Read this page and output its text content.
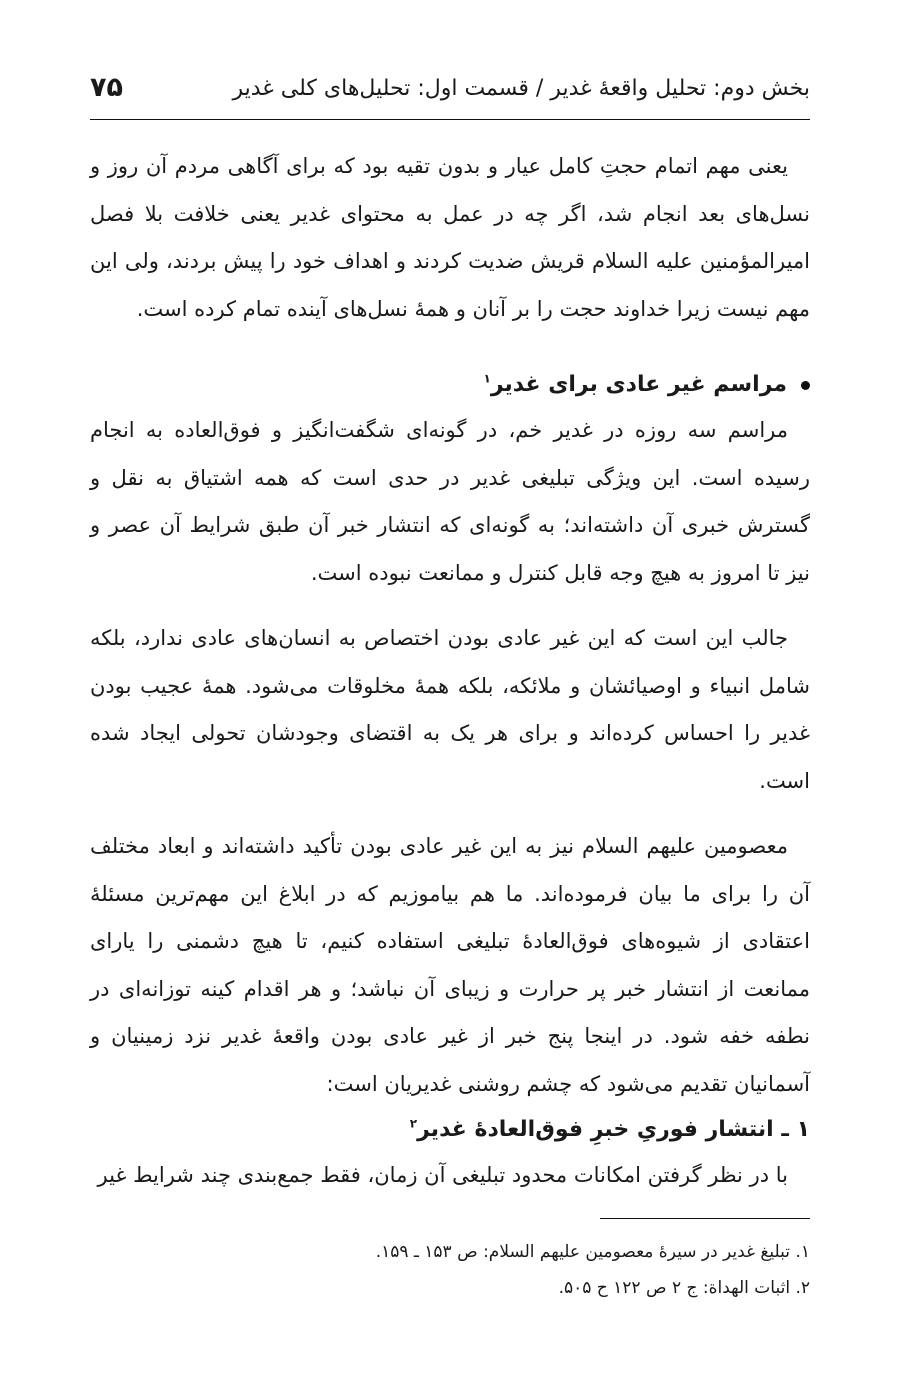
بخش دوم: تحلیل واقعهٔ غدیر / قسمت اول: تحلیل‌های کلی غدیر
۷۵

یعنی مهم اتمام حجتِ کامل عیار و بدون تقیه بود که برای آگاهی مردم آن روز و نسل‌های بعد انجام شد، اگر چه در عمل به محتوای غدیر یعنی خلافت بلا فصل امیرالمؤمنین علیه السلام قریش ضدیت کردند و اهداف خود را پیش بردند، ولی این مهم نیست زیرا خداوند حجت را بر آنان و همهٔ نسل‌های آینده تمام کرده است.

مراسم غیر عادی برای غدیر$^۱$

مراسم سه روزه در غدیر خم، در گونه‌ای شگفت‌انگیز و فوق‌العاده به انجام رسیده است. این ویژگی تبلیغی غدیر در حدی است که همه اشتیاق به نقل و گسترش خبری آن داشته‌اند؛ به گونه‌ای که انتشار خبر آن طبق شرایط آن عصر و نیز تا امروز به هیچ وجه قابل کنترل و ممانعت نبوده است.

جالب این است که این غیر عادی بودن اختصاص به انسان‌های عادی ندارد، بلکه شامل انبیاء و اوصیائشان و ملائکه، بلکه همهٔ مخلوقات می‌شود. همهٔ عجیب بودن غدیر را احساس کرده‌اند و برای هر یک به اقتضای وجودشان تحولی ایجاد شده است.

معصومین علیهم السلام نیز به این غیر عادی بودن تأکید داشته‌اند و ابعاد مختلف آن را برای ما بیان فرموده‌اند. ما هم بیاموزیم که در ابلاغ این مهم‌ترین مسئلهٔ اعتقادی از شیوه‌های فوق‌العادهٔ تبلیغی استفاده کنیم، تا هیچ دشمنی را یارای ممانعت از انتشار خبر پر حرارت و زیبای آن نباشد؛ و هر اقدام کینه توزانه‌ای در نطفه خفه شود. در اینجا پنج خبر از غیر عادی بودن واقعهٔ غدیر نزد زمینیان و آسمانیان تقدیم می‌شود که چشم روشنی غدیریان است:

۱ ـ انتشار فوریِ خبرِ فوق‌العادهٔ غدیر$^۲$

با در نظر گرفتن امکانات محدود تبلیغی آن زمان، فقط جمع‌بندی چند شرایط غیر

۱. تبلیغ غدیر در سیرهٔ معصومین علیهم السلام: ص ۱۵۳ ـ ۱۵۹.
۲. اثبات الهداة: ج ۲ ص ۱۲۲ ح ۵۰۵.
